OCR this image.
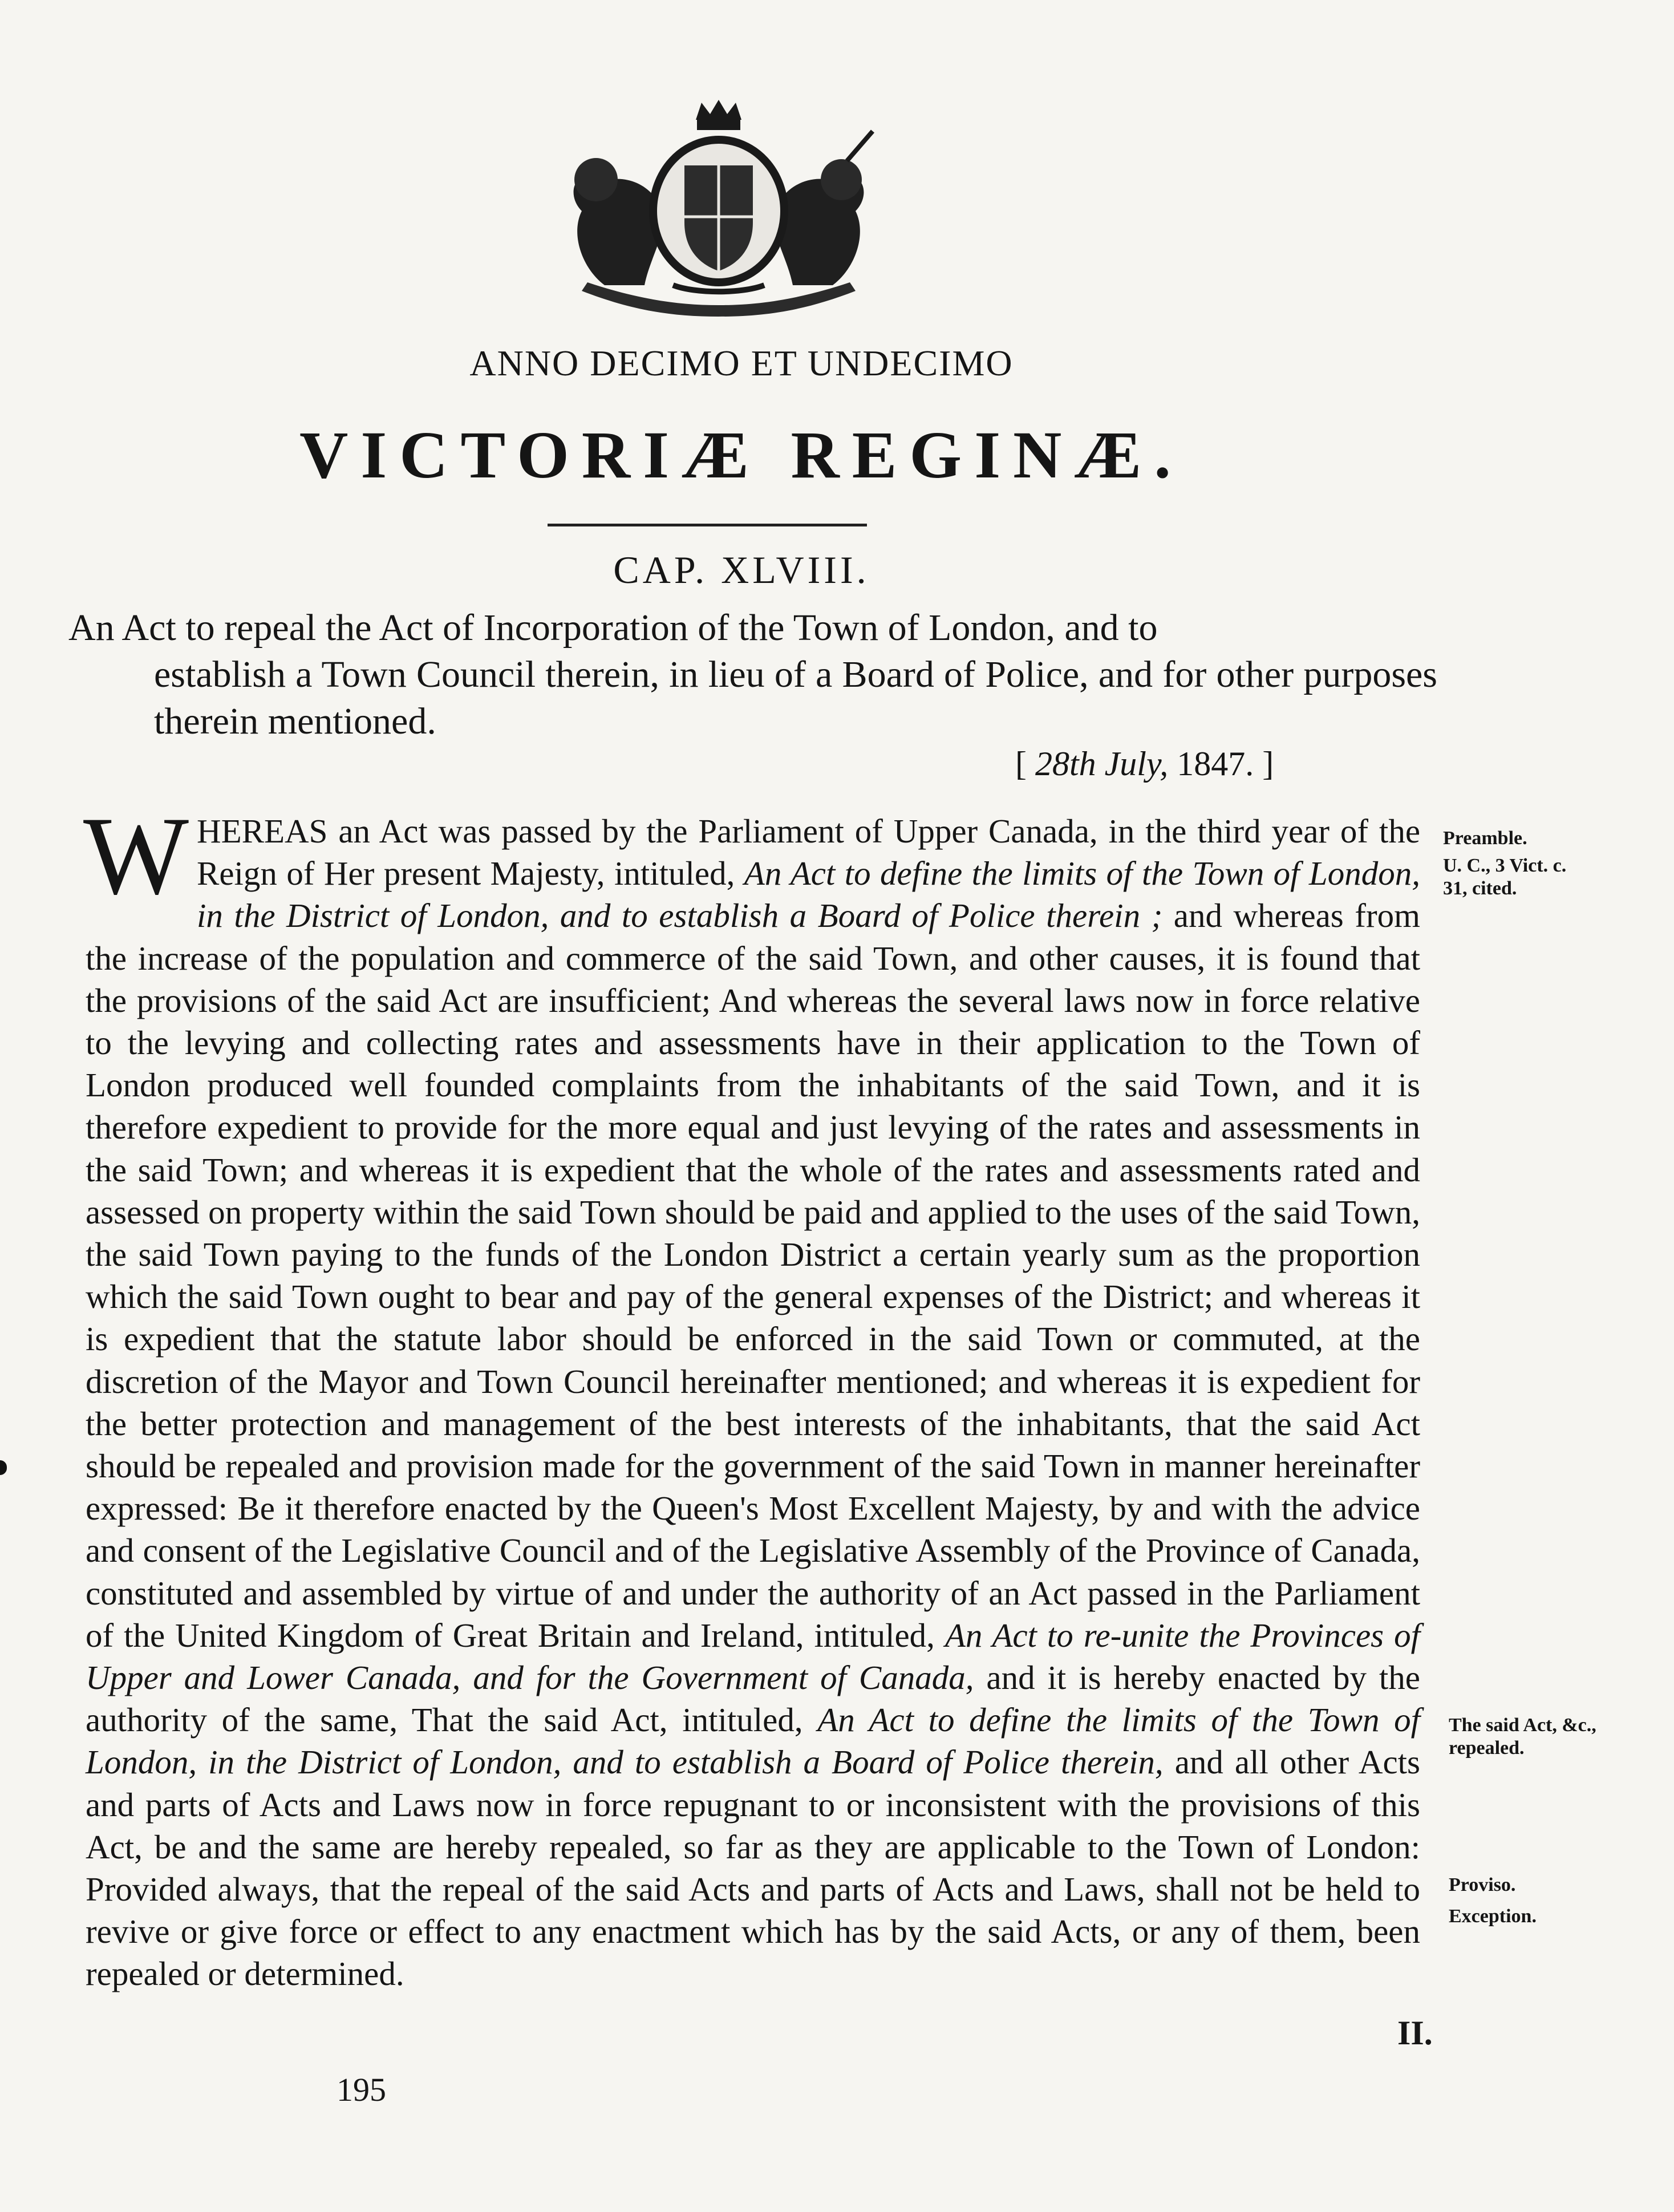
ANNO DECIMO ET UNDECIMO
VICTORIÆ REGINÆ.
CAP. XLVIII.
An Act to repeal the Act of Incorporation of the Town of London, and to
establish a Town Council therein, in lieu of a Board of Police, and for other purposes therein mentioned.
[ 28th July, 1847. ]
WHEREAS an Act was passed by the Parliament of Upper Canada, in the third year of the Reign of Her present Majesty, intituled, An Act to define the limits of the Town of London, in the District of London, and to establish a Board of Police therein ; and whereas from the increase of the population and commerce of the said Town, and other causes, it is found that the provisions of the said Act are insufficient; And whereas the several laws now in force relative to the levying and collecting rates and assessments have in their application to the Town of London produced well founded complaints from the inhabitants of the said Town, and it is therefore expedient to provide for the more equal and just levying of the rates and assessments in the said Town; and whereas it is expedient that the whole of the rates and assessments rated and assessed on property within the said Town should be paid and applied to the uses of the said Town, the said Town paying to the funds of the London District a certain yearly sum as the proportion which the said Town ought to bear and pay of the general expenses of the District; and whereas it is expedient that the statute labor should be enforced in the said Town or commuted, at the discretion of the Mayor and Town Council hereinafter mentioned; and whereas it is expedient for the better protection and management of the best interests of the inhabitants, that the said Act should be repealed and provision made for the government of the said Town in manner hereinafter expressed: Be it therefore enacted by the Queen's Most Excellent Majesty, by and with the advice and consent of the Legislative Council and of the Legislative Assembly of the Province of Canada, constituted and assembled by virtue of and under the authority of an Act passed in the Parliament of the United Kingdom of Great Britain and Ireland, intituled, An Act to re-unite the Provinces of Upper and Lower Canada, and for the Government of Canada, and it is hereby enacted by the authority of the same, That the said Act, intituled, An Act to define the limits of the Town of London, in the District of London, and to establish a Board of Police therein, and all other Acts and parts of Acts and Laws now in force repugnant to or inconsistent with the provisions of this Act, be and the same are hereby repealed, so far as they are applicable to the Town of London: Provided always, that the repeal of the said Acts and parts of Acts and Laws, shall not be held to revive or give force or effect to any enactment which has by the said Acts, or any of them, been repealed or determined.
Preamble.
U. C., 3 Vict. c. 31, cited.
The said Act, &c., repealed.
Proviso.
Exception.
II.
195
